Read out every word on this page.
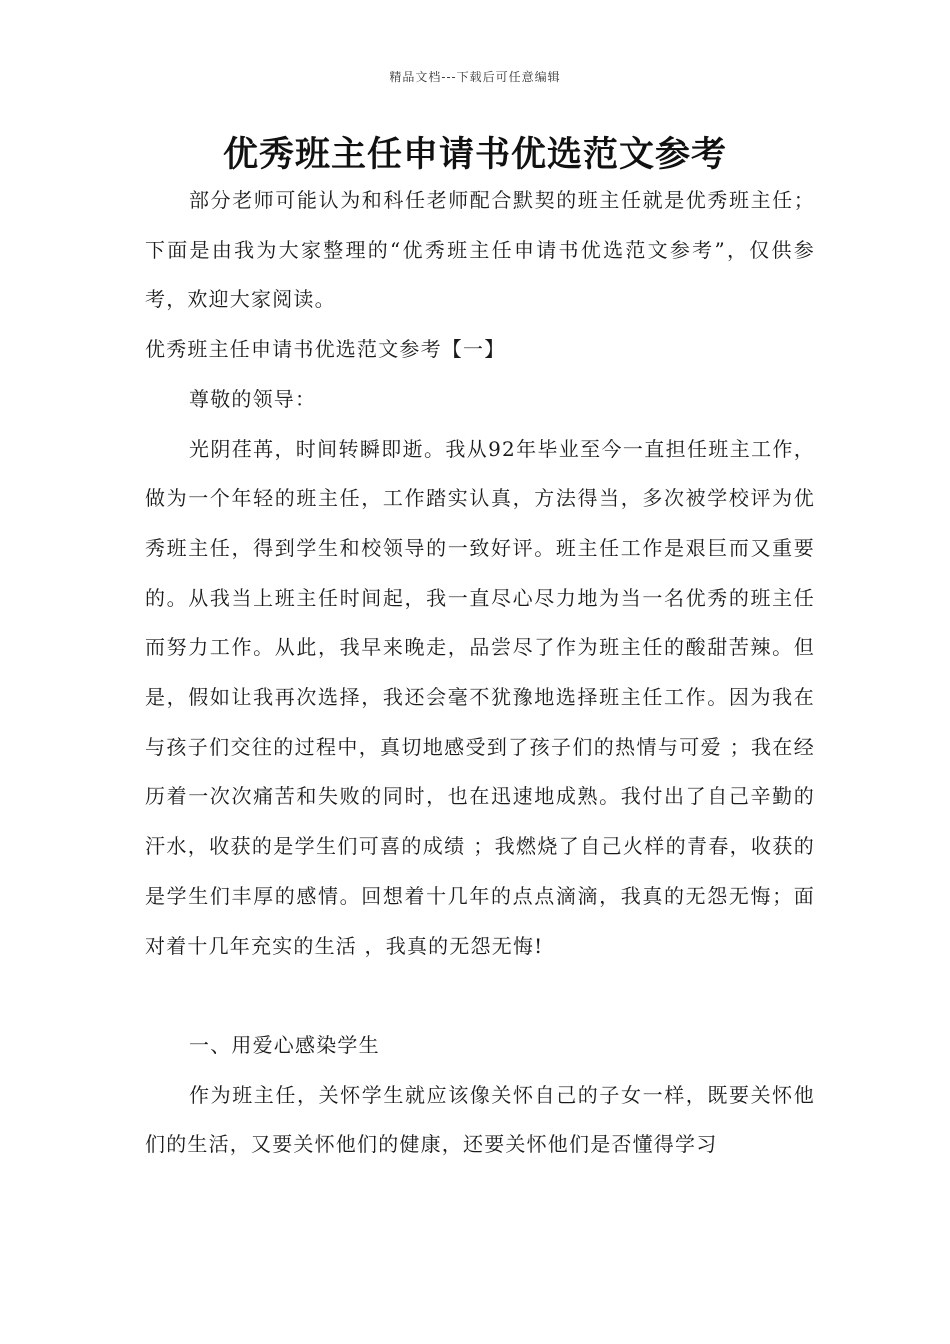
精品文档---下载后可任意编辑
优秀班主任申请书优选范文参考

部分老师可能认为和科任老师配合默契的班主任就是优秀班主任；下面是由我为大家整理的“优秀班主任申请书优选范文参考”，仅供参考，欢迎大家阅读。

优秀班主任申请书优选范文参考【一】

尊敬的领导：

光阴荏苒，时间转瞬即逝。我从92年毕业至今一直担任班主工作，做为一个年轻的班主任，工作踏实认真，方法得当，多次被学校评为优秀班主任，得到学生和校领导的一致好评。班主任工作是艰巨而又重要的。从我当上班主任时间起，我一直尽心尽力地为当一名优秀的班主任而努力工作。从此，我早来晚走，品尝尽了作为班主任的酸甜苦辣。但是，假如让我再次选择，我还会毫不犹豫地选择班主任工作。因为我在与孩子们交往的过程中，真切地感受到了孩子们的热情与可爱 ；我在经历着一次次痛苦和失败的同时，也在迅速地成熟。我付出了自己辛勤的汗水，收获的是学生们可喜的成绩 ；我燃烧了自己火样的青春，收获的是学生们丰厚的感情。回想着十几年的点点滴滴，我真的无怨无悔；面对着十几年充实的生活 ，我真的无怨无悔!

一、用爱心感染学生

作为班主任，关怀学生就应该像关怀自己的子女一样，既要关怀他们的生活，又要关怀他们的健康，还要关怀他们是否懂得学习
